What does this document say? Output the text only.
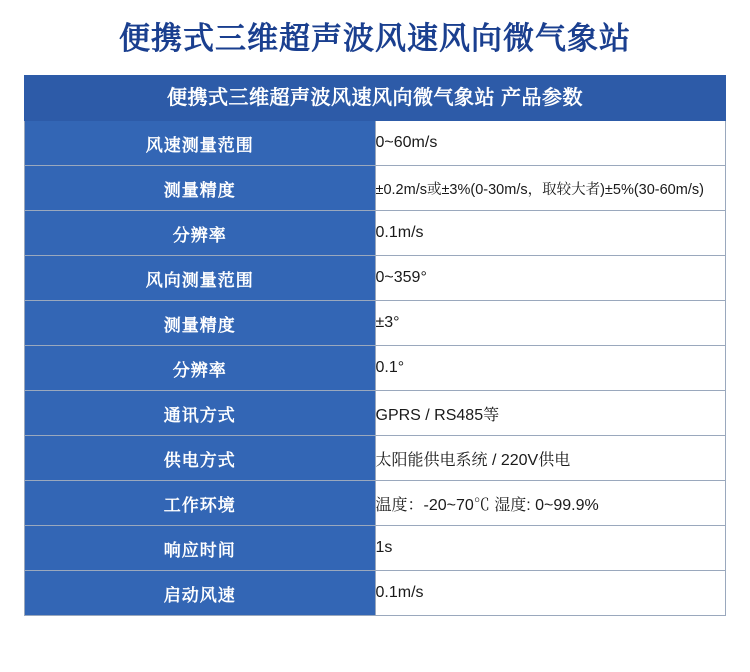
便携式三维超声波风速风向微气象站
便携式三维超声波风速风向微气象站 产品参数	
风速测量范围	0~60m/s
测量精度	±0.2m/s或±3%(0-30m/s，取较大者)±5%(30-60m/s)
分辨率	0.1m/s
风向测量范围	0~359°
测量精度	±3°
分辨率	0.1°
通讯方式	GPRS / RS485等
供电方式	太阳能供电系统 / 220V供电
工作环境	温度：-20~70℃ 湿度: 0~99.9%
响应时间	1s
启动风速	0.1m/s
